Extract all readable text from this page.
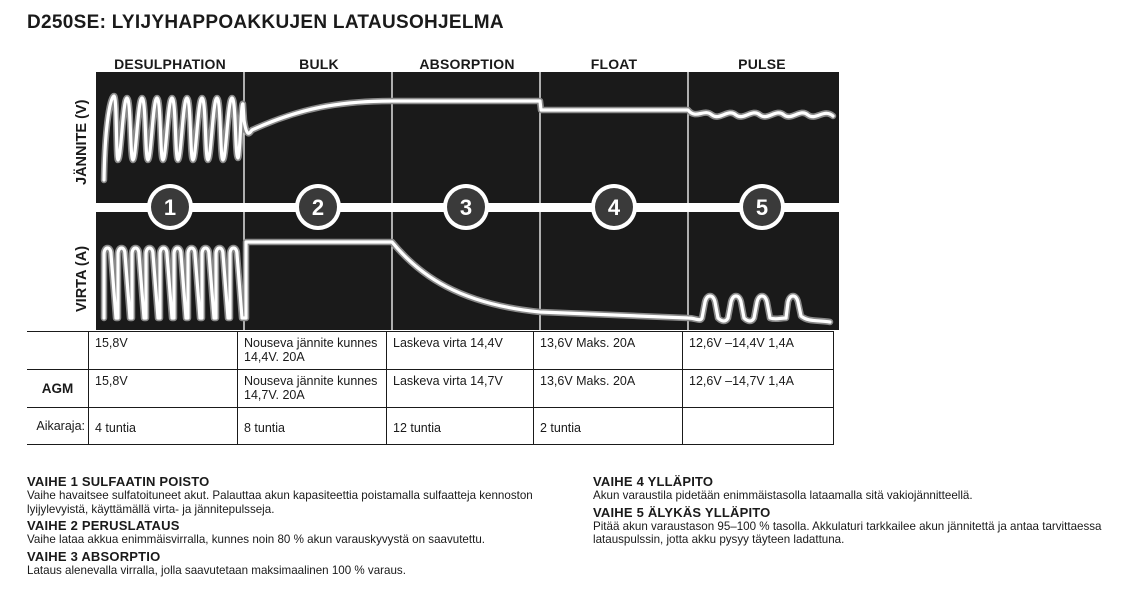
D250SE: LYIJYHAPPOAKKUJEN LATAUSOHJELMA
DESULPHATION	BULK	ABSORPTION	FLOAT	PULSE
JÄNNITE (V)
VIRTA (A)
1	2	3	4	5
	15,8V	Nouseva jännite kunnes 14,4V. 20A	Laskeva virta 14,4V	13,6V Maks. 20A	12,6V –14,4V 1,4A
AGM	15,8V	Nouseva jännite kunnes 14,7V. 20A	Laskeva virta 14,7V	13,6V Maks. 20A	12,6V –14,7V 1,4A
Aikaraja:	4 tuntia	8 tuntia	12 tuntia	2 tuntia	
VAIHE 1 SULFAATIN POISTO

Vaihe havaitsee sulfatoituneet akut. Palauttaa akun kapasiteettia poistamalla sulfaatteja kennoston lyijylevyistä, käyttämällä virta- ja jännitepulsseja.

VAIHE 2 PERUSLATAUS

Vaihe lataa akkua enimmäisvirralla, kunnes noin 80 % akun varauskyvystä on saavutettu.

VAIHE 3 ABSORPTIO

Lataus alenevalla virralla, jolla saavutetaan maksimaalinen 100 % varaus.

VAIHE 4 YLLÄPITO

Akun varaustila pidetään enimmäistasolla lataamalla sitä vakiojännitteellä.

VAIHE 5 ÄLYKÄS YLLÄPITO

Pitää akun varaustason 95–100 % tasolla. Akkulaturi tarkkailee akun jännitettä ja antaa tarvittaessa latauspulssin, jotta akku pysyy täyteen ladattuna.
